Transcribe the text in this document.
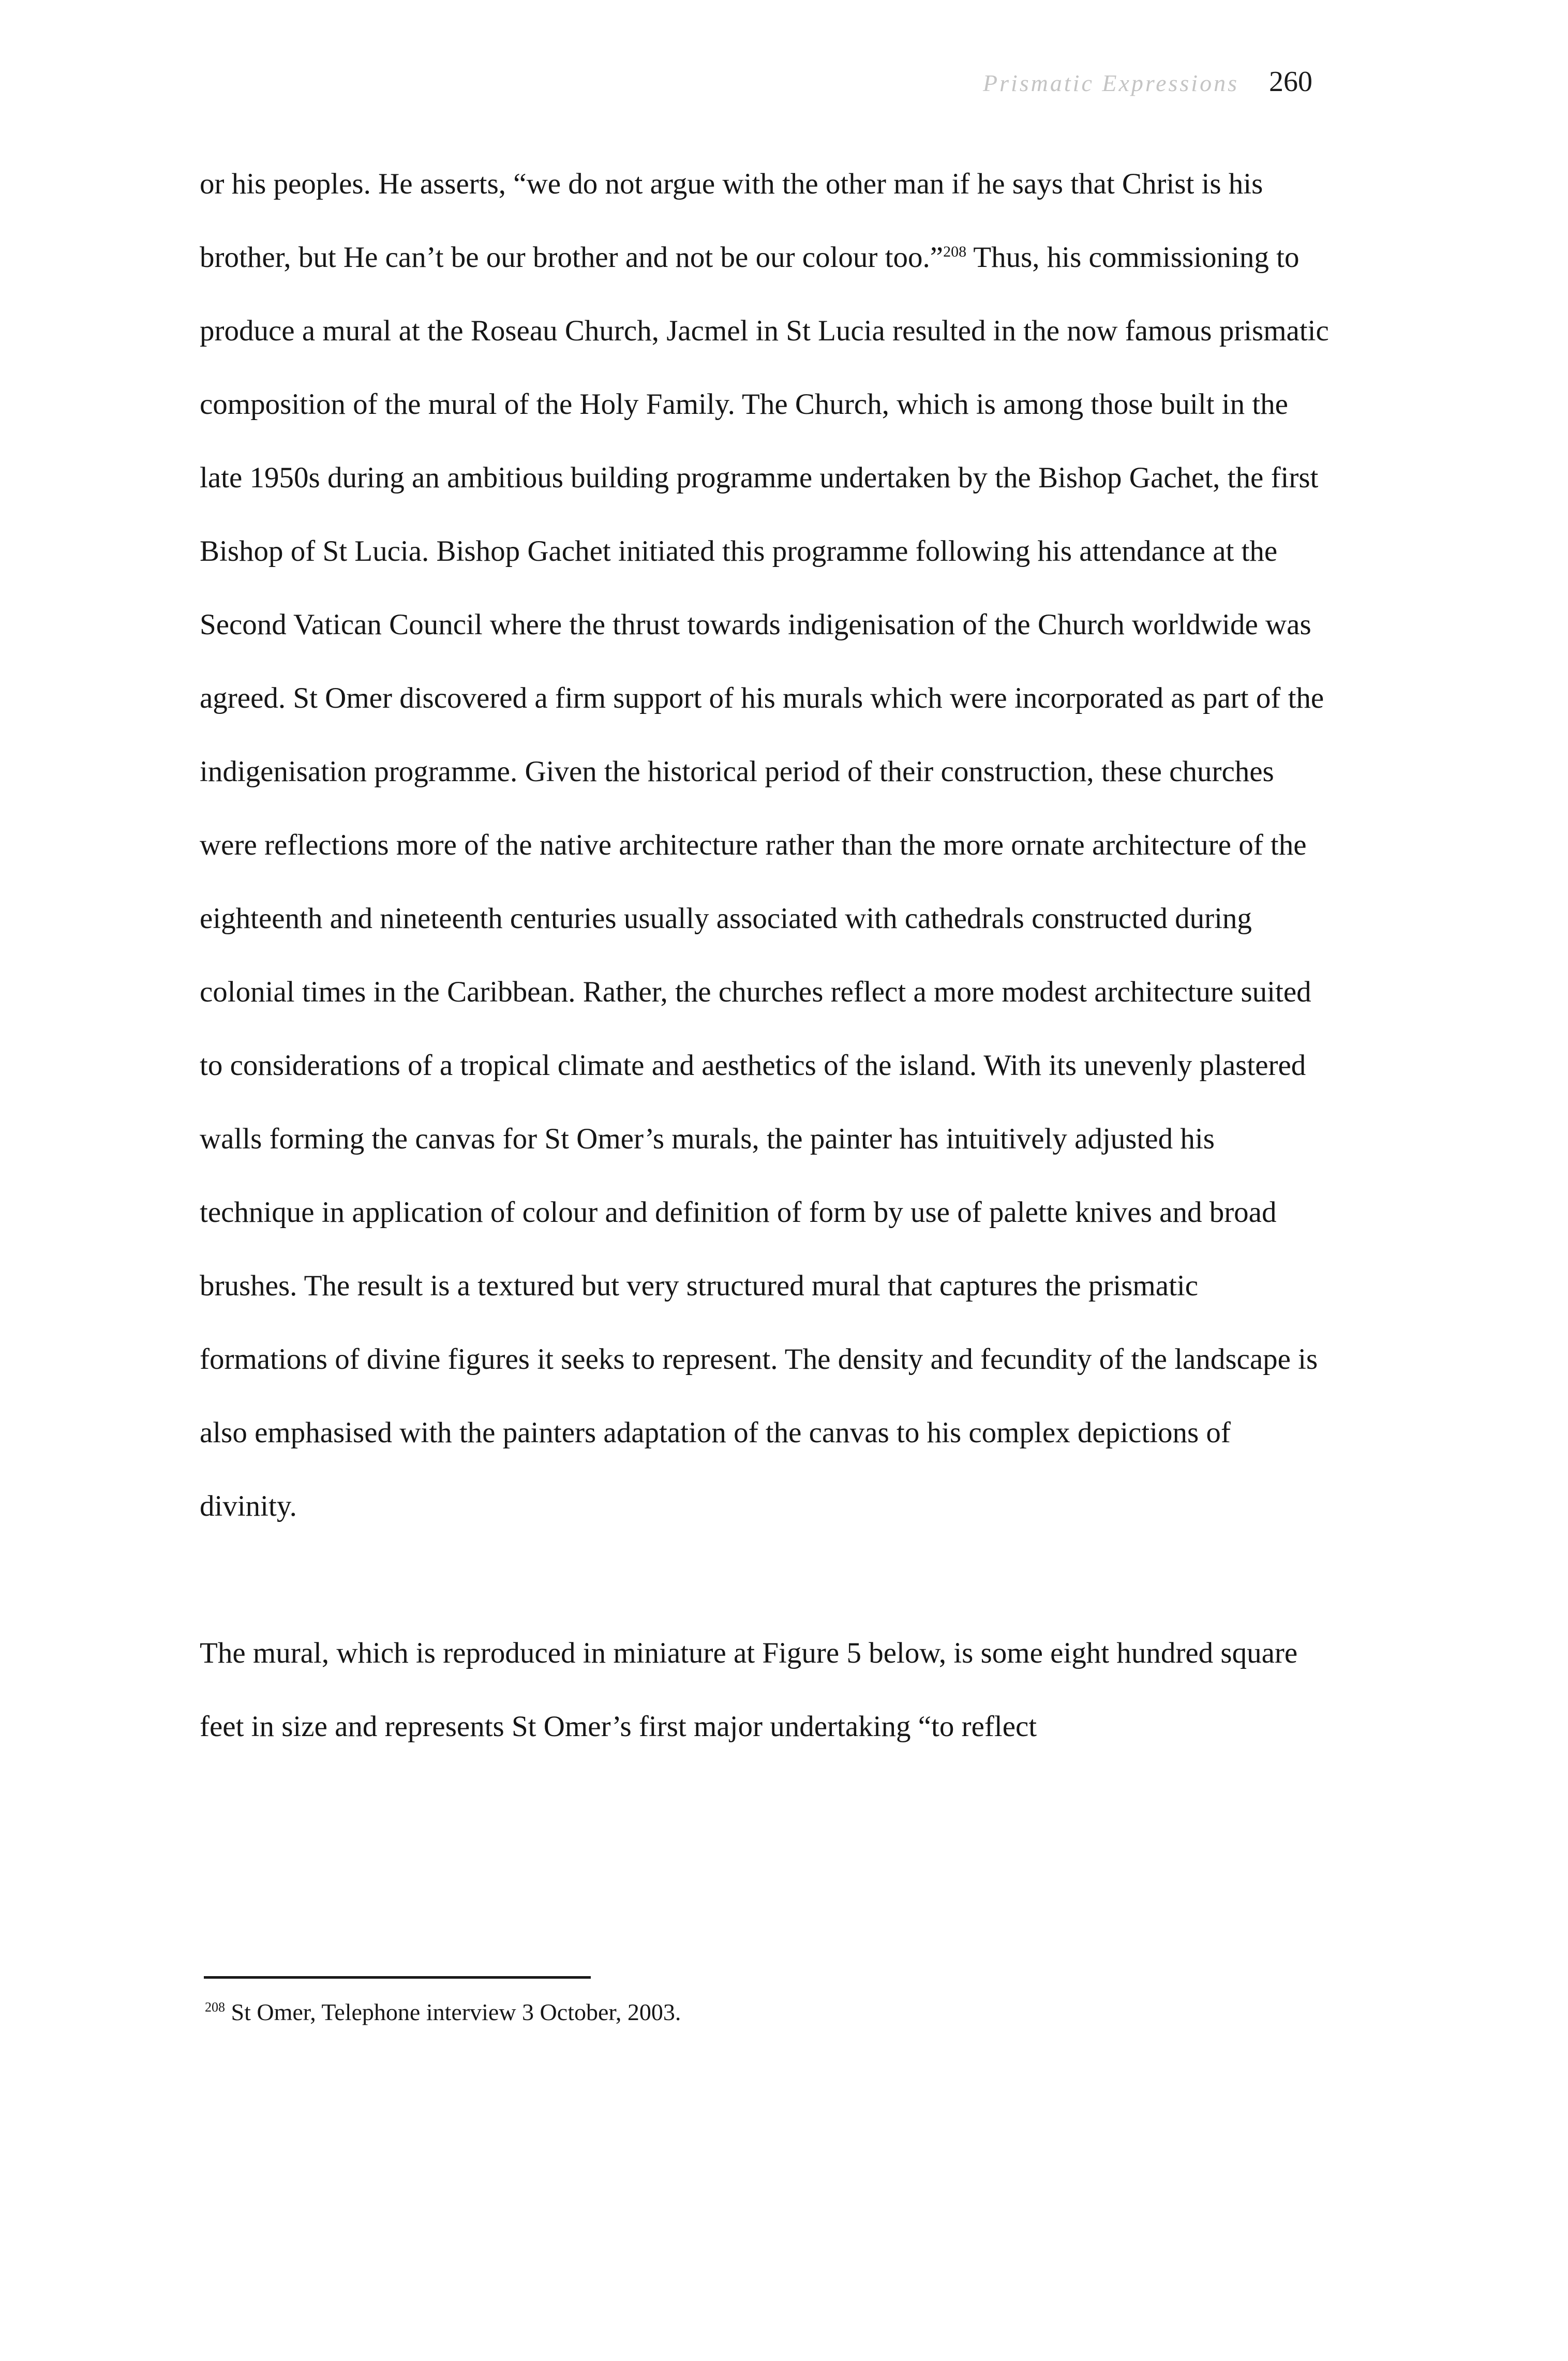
Prismatic Expressions 260

or his peoples. He asserts, “we do not argue with the other man if he says that Christ is his brother, but He can’t be our brother and not be our colour too.”$^{208}$ Thus, his commissioning to produce a mural at the Roseau Church, Jacmel in St Lucia resulted in the now famous prismatic composition of the mural of the Holy Family. The Church, which is among those built in the late 1950s during an ambitious building programme undertaken by the Bishop Gachet, the first Bishop of St Lucia. Bishop Gachet initiated this programme following his attendance at the Second Vatican Council where the thrust towards indigenisation of the Church worldwide was agreed. St Omer discovered a firm support of his murals which were incorporated as part of the indigenisation programme. Given the historical period of their construction, these churches were reflections more of the native architecture rather than the more ornate architecture of the eighteenth and nineteenth centuries usually associated with cathedrals constructed during colonial times in the Caribbean. Rather, the churches reflect a more modest architecture suited to considerations of a tropical climate and aesthetics of the island. With its unevenly plastered walls forming the canvas for St Omer’s murals, the painter has intuitively adjusted his technique in application of colour and definition of form by use of palette knives and broad brushes. The result is a textured but very structured mural that captures the prismatic formations of divine figures it seeks to represent. The density and fecundity of the landscape is also emphasised with the painters adaptation of the canvas to his complex depictions of divinity.

The mural, which is reproduced in miniature at Figure 5 below, is some eight hundred square feet in size and represents St Omer’s first major undertaking “to reflect

$^{208}$ St Omer, Telephone interview 3 October, 2003.
